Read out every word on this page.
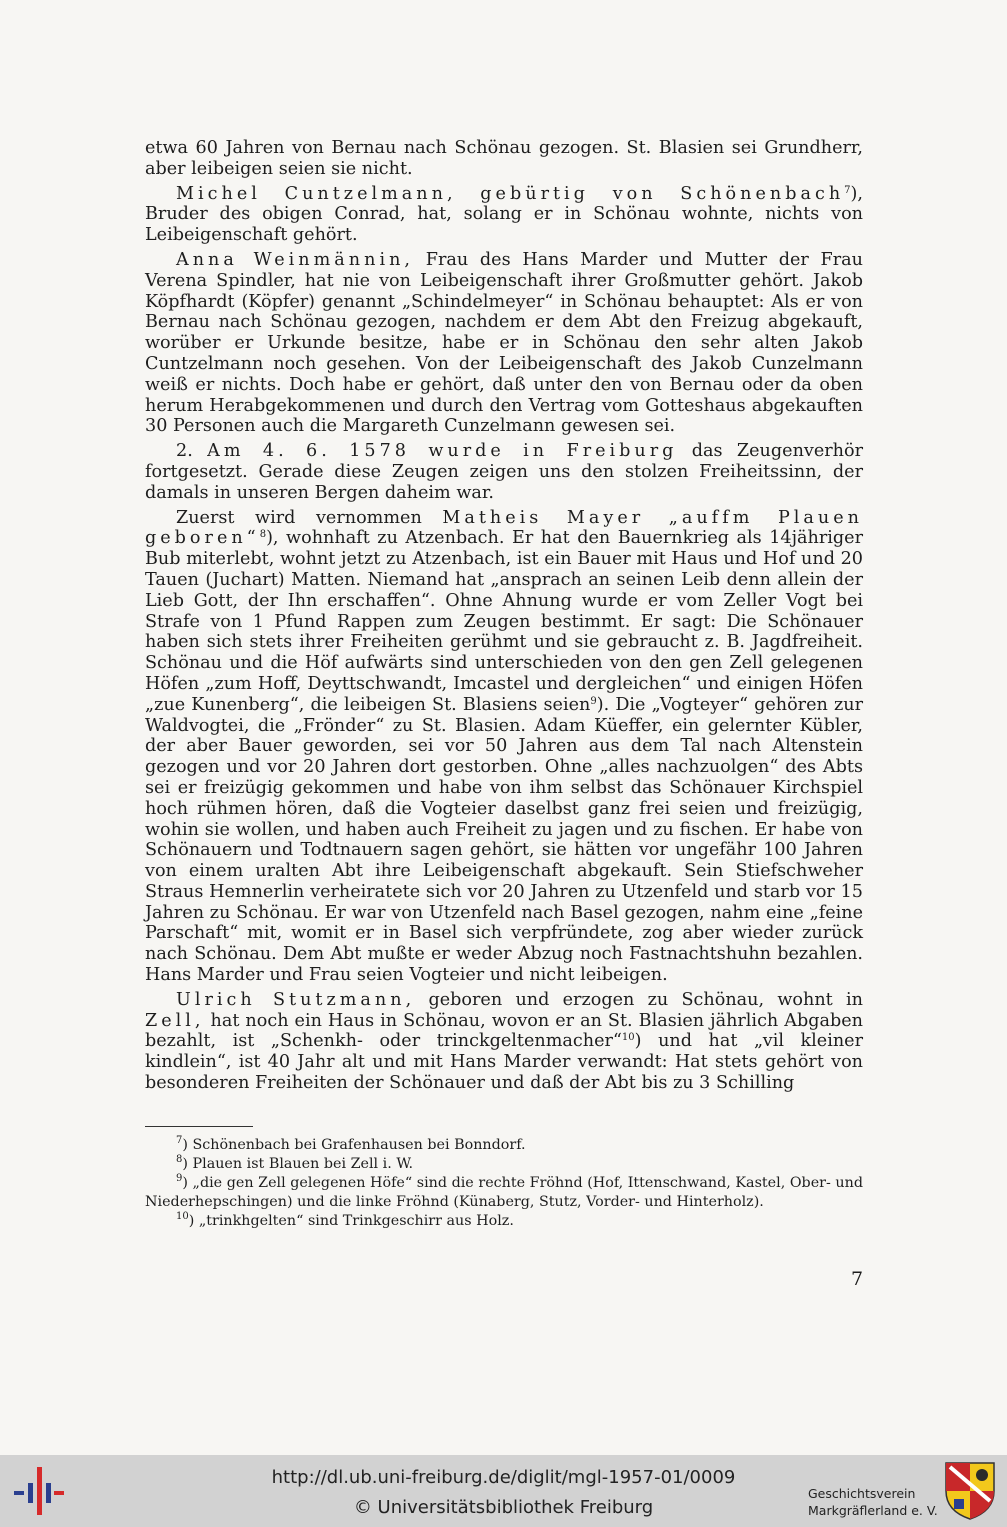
etwa 60 Jahren von Bernau nach Schönau gezogen. St. Blasien sei Grundherr, aber leibeigen seien sie nicht.

Michel Cuntzelmann, gebürtig von Schönenbach$^7$), Bruder des obigen Conrad, hat, solang er in Schönau wohnte, nichts von Leibeigenschaft gehört.

Anna Weinmännin, Frau des Hans Marder und Mutter der Frau Verena Spindler, hat nie von Leibeigenschaft ihrer Großmutter gehört. Jakob Köpfhardt (Köpfer) genannt „Schindelmeyer“ in Schönau behauptet: Als er von Bernau nach Schönau gezogen, nachdem er dem Abt den Freizug abgekauft, worüber er Urkunde besitze, habe er in Schönau den sehr alten Jakob Cuntzelmann noch gesehen. Von der Leibeigenschaft des Jakob Cunzelmann weiß er nichts. Doch habe er gehört, daß unter den von Bernau oder da oben herum Herabgekommenen und durch den Vertrag vom Gotteshaus abgekauften 30 Personen auch die Margareth Cunzelmann gewesen sei.

2. Am 4. 6. 1578 wurde in Freiburg das Zeugenverhör fortgesetzt. Gerade diese Zeugen zeigen uns den stolzen Freiheitssinn, der damals in unseren Bergen daheim war.

Zuerst wird vernommen Matheis Mayer „auffm Plauen geboren“$^8$), wohnhaft zu Atzenbach. Er hat den Bauernkrieg als 14jähriger Bub miterlebt, wohnt jetzt zu Atzenbach, ist ein Bauer mit Haus und Hof und 20 Tauen (Juchart) Matten. Niemand hat „ansprach an seinen Leib denn allein der Lieb Gott, der Ihn erschaffen“. Ohne Ahnung wurde er vom Zeller Vogt bei Strafe von 1 Pfund Rappen zum Zeugen bestimmt. Er sagt: Die Schönauer haben sich stets ihrer Freiheiten gerühmt und sie gebraucht z. B. Jagdfreiheit. Schönau und die Höf aufwärts sind unterschieden von den gen Zell gelegenen Höfen „zum Hoff, Deyttschwandt, Imcastel und dergleichen“ und einigen Höfen „zue Kunenberg“, die leibeigen St. Blasiens seien$^9$). Die „Vogteyer“ gehören zur Waldvogtei, die „Frönder“ zu St. Blasien. Adam Küeffer, ein gelernter Kübler, der aber Bauer geworden, sei vor 50 Jahren aus dem Tal nach Altenstein gezogen und vor 20 Jahren dort gestorben. Ohne „alles nachzuolgen“ des Abts sei er freizügig gekommen und habe von ihm selbst das Schönauer Kirchspiel hoch rühmen hören, daß die Vogteier daselbst ganz frei seien und freizügig, wohin sie wollen, und haben auch Freiheit zu jagen und zu fischen. Er habe von Schönauern und Todtnauern sagen gehört, sie hätten vor ungefähr 100 Jahren von einem uralten Abt ihre Leibeigenschaft abgekauft. Sein Stiefschweher Straus Hemnerlin verheiratete sich vor 20 Jahren zu Utzenfeld und starb vor 15 Jahren zu Schönau. Er war von Utzenfeld nach Basel gezogen, nahm eine „feine Parschaft“ mit, womit er in Basel sich verpfründete, zog aber wieder zurück nach Schönau. Dem Abt mußte er weder Abzug noch Fastnachtshuhn bezahlen. Hans Marder und Frau seien Vogteier und nicht leibeigen.

Ulrich Stutzmann, geboren und erzogen zu Schönau, wohnt in Zell, hat noch ein Haus in Schönau, wovon er an St. Blasien jährlich Abgaben bezahlt, ist „Schenkh- oder trinckgeltenmacher“$^{10}$) und hat „vil kleiner kindlein“, ist 40 Jahr alt und mit Hans Marder verwandt: Hat stets gehört von besonderen Freiheiten der Schönauer und daß der Abt bis zu 3 Schilling

$^7$) Schönenbach bei Grafenhausen bei Bonndorf.

$^8$) Plauen ist Blauen bei Zell i. W.

$^9$) „die gen Zell gelegenen Höfe“ sind die rechte Fröhnd (Hof, Ittenschwand, Kastel, Ober- und Niederhepschingen) und die linke Fröhnd (Künaberg, Stutz, Vorder- und Hinterholz).

$^{10}$) „trinkhgelten“ sind Trinkgeschirr aus Holz.

7
http://dl.ub.uni-freiburg.de/diglit/mgl-1957-01/0009
© Universitätsbibliothek Freiburg
Geschichtsverein
Markgräflerland e. V.
